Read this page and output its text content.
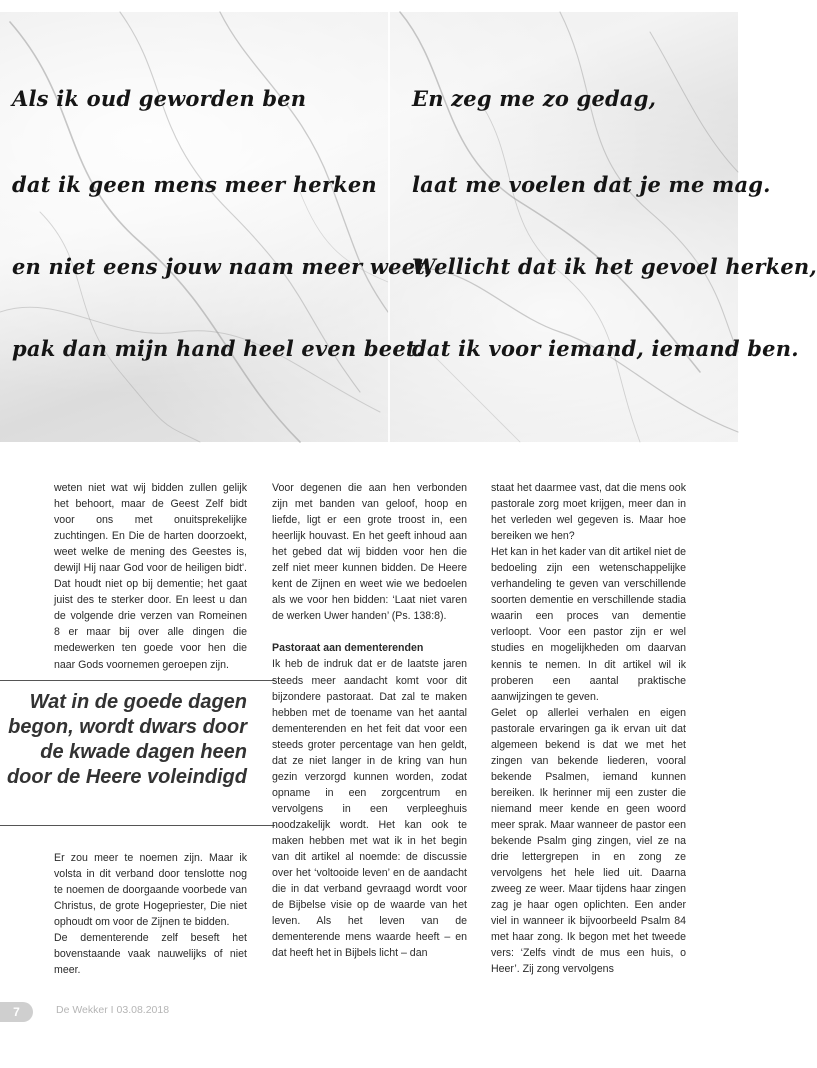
Als ik oud geworden ben
dat ik geen mens meer herken
en niet eens jouw naam meer weet,
pak dan mijn hand heel even beet.
En zeg me zo gedag,
laat me voelen dat je me mag.
Wellicht dat ik het gevoel herken,
dat ik voor iemand, iemand ben.

weten niet wat wij bidden zullen gelijk het behoort, maar de Geest Zelf bidt voor ons met onuitsprekelijke zuchtingen. En Die de harten doorzoekt, weet welke de mening des Geestes is, dewijl Hij naar God voor de heiligen bidt'. Dat houdt niet op bij dementie; het gaat juist des te sterker door. En leest u dan de volgende drie verzen van Romeinen 8 er maar bij over alle dingen die medewerken ten goede voor hen die naar Gods voornemen geroepen zijn.

Wat in de goede dagen begon, wordt dwars door de kwade dagen heen door de Heere voleindigd

Er zou meer te noemen zijn. Maar ik volsta in dit verband door tenslotte nog te noemen de doorgaande voorbede van Christus, de grote Hogepriester, Die niet ophoudt om voor de Zijnen te bidden.

De dementerende zelf beseft het bovenstaande vaak nauwelijks of niet meer.

Voor degenen die aan hen verbonden zijn met banden van geloof, hoop en liefde, ligt er een grote troost in, een heerlijk houvast. En het geeft inhoud aan het gebed dat wij bidden voor hen die zelf niet meer kunnen bidden. De Heere kent de Zijnen en weet wie we bedoelen als we voor hen bidden: ‘Laat niet varen de werken Uwer handen’ (Ps. 138:8).

Pastoraat aan dementerenden

Ik heb de indruk dat er de laatste jaren steeds meer aandacht komt voor dit bijzondere pastoraat. Dat zal te maken hebben met de toename van het aantal dementerenden en het feit dat voor een steeds groter percentage van hen geldt, dat ze niet langer in de kring van hun gezin verzorgd kunnen worden, zodat opname in een zorgcentrum en vervolgens in een verpleeghuis noodzakelijk wordt. Het kan ook te maken hebben met wat ik in het begin van dit artikel al noemde: de discussie over het ‘voltooide leven’ en de aandacht die in dat verband gevraagd wordt voor de Bijbelse visie op de waarde van het leven. Als het leven van de dementerende mens waarde heeft – en dat heeft het in Bijbels licht – dan

staat het daarmee vast, dat die mens ook pastorale zorg moet krijgen, meer dan in het verleden wel gegeven is. Maar hoe bereiken we hen?

Het kan in het kader van dit artikel niet de bedoeling zijn een wetenschappelijke verhandeling te geven van verschillende soorten dementie en verschillende stadia waarin een proces van dementie verloopt. Voor een pastor zijn er wel studies en mogelijkheden om daarvan kennis te nemen. In dit artikel wil ik proberen een aantal praktische aanwijzingen te geven.

Gelet op allerlei verhalen en eigen pastorale ervaringen ga ik ervan uit dat algemeen bekend is dat we met het zingen van bekende liederen, vooral bekende Psalmen, iemand kunnen bereiken. Ik herinner mij een zuster die niemand meer kende en geen woord meer sprak. Maar wanneer de pastor een bekende Psalm ging zingen, viel ze na drie lettergrepen in en zong ze vervolgens het hele lied uit. Daarna zweeg ze weer. Maar tijdens haar zingen zag je haar ogen oplichten. Een ander viel in wanneer ik bijvoorbeeld Psalm 84 met haar zong. Ik begon met het tweede vers: ‘Zelfs vindt de mus een huis, o Heer’. Zij zong vervolgens

7	De Wekker I 03.08.2018
